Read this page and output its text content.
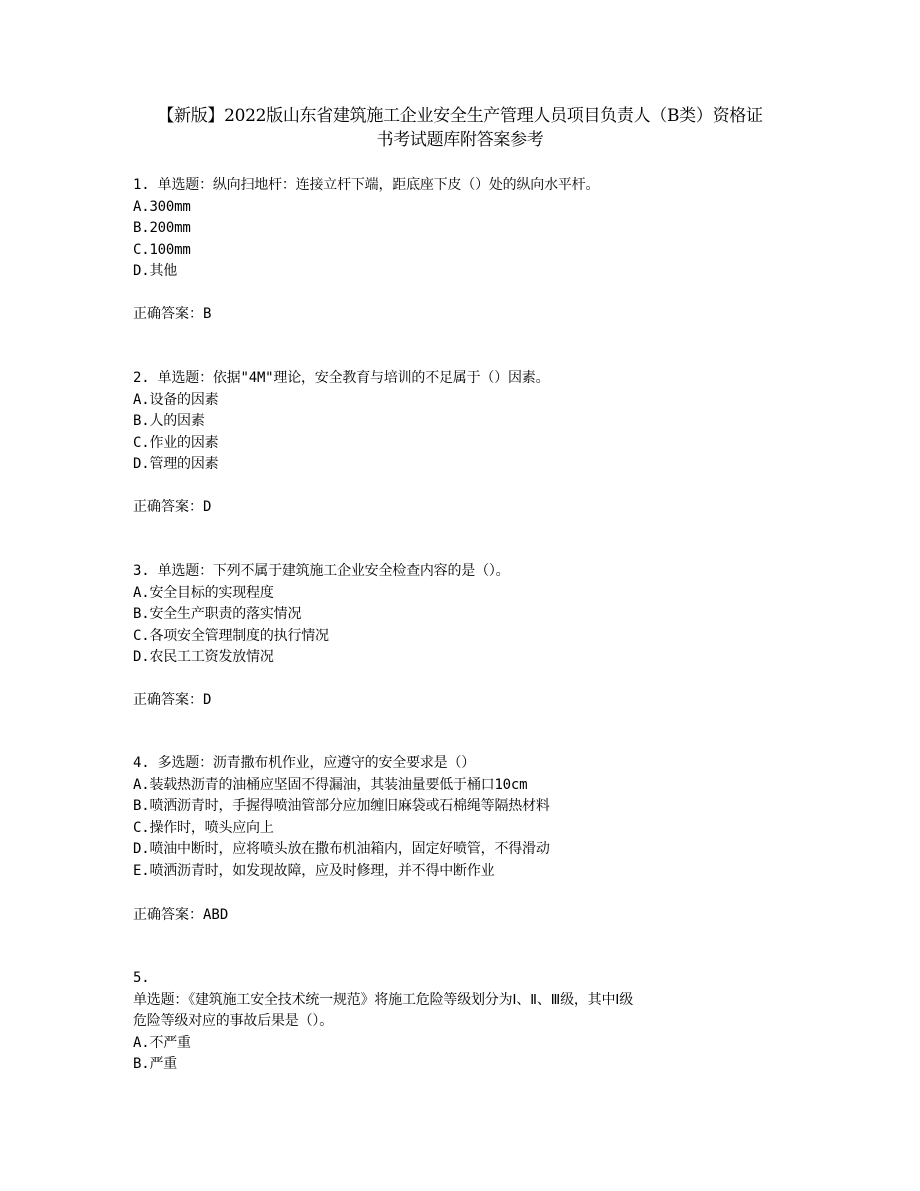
【新版】2022版山东省建筑施工企业安全生产管理人员项目负责人（B类）资格证
书考试题库附答案参考
1. 单选题：纵向扫地杆：连接立杆下端，距底座下皮（）处的纵向水平杆。
A.300mm
B.200mm
C.100mm
D.其他
正确答案：B
2. 单选题：依据"4M"理论，安全教育与培训的不足属于（）因素。
A.设备的因素
B.人的因素
C.作业的因素
D.管理的因素
正确答案：D
3. 单选题：下列不属于建筑施工企业安全检查内容的是（）。
A.安全目标的实现程度
B.安全生产职责的落实情况
C.各项安全管理制度的执行情况
D.农民工工资发放情况
正确答案：D
4. 多选题：沥青撒布机作业，应遵守的安全要求是（）
A.装载热沥青的油桶应坚固不得漏油，其装油量要低于桶口10cm
B.喷洒沥青时，手握得喷油管部分应加缠旧麻袋或石棉绳等隔热材料
C.操作时，喷头应向上
D.喷油中断时，应将喷头放在撒布机油箱内，固定好喷管，不得滑动
E.喷洒沥青时，如发现故障，应及时修理，并不得中断作业
正确答案：ABD
5.
单选题：《建筑施工安全技术统一规范》将施工危险等级划分为Ⅰ、Ⅱ、Ⅲ级，其中Ⅰ级
危险等级对应的事故后果是（）。
A.不严重
B.严重
